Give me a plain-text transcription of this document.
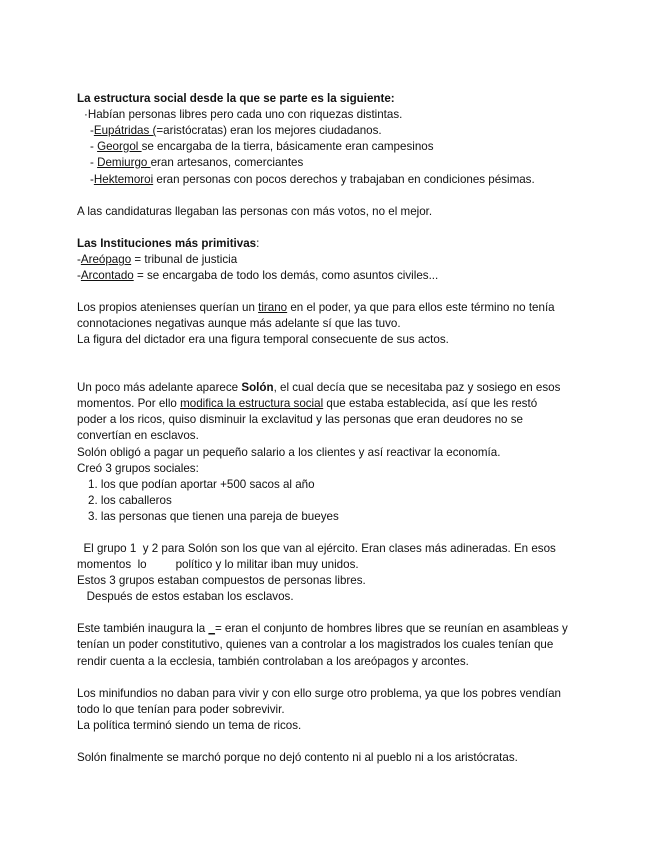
La estructura social desde la que se parte es la siguiente:
·Habían personas libres pero cada uno con riquezas distintas.
-Eupátridas (=aristócratas) eran los mejores ciudadanos.
- Georgol se encargaba de la tierra, básicamente eran campesinos
- Demiurgo eran artesanos, comerciantes
-Hektemoroi eran personas con pocos derechos y trabajaban en condiciones pésimas.
A las candidaturas llegaban las personas con más votos, no el mejor.
Las Instituciones más primitivas:
-Areópago = tribunal de justicia
-Arcontado = se encargaba de todo los demás, como asuntos civiles...
Los propios atenienses querían un tirano en el poder, ya que para ellos este término no tenía
connotaciones negativas aunque más adelante sí que las tuvo.
La figura del dictador era una figura temporal consecuente de sus actos.
Un poco más adelante aparece Solón, el cual decía que se necesitaba paz y sosiego en esos
momentos. Por ello modifica la estructura social que estaba establecida, así que les restó
poder a los ricos, quiso disminuir la exclavitud y las personas que eran deudores no se
convertían en esclavos.
Solón obligó a pagar un pequeño salario a los clientes y así reactivar la economía.
Creó 3 grupos sociales:
1. los que podían aportar +500 sacos al año
2. los caballeros
3. las personas que tienen una pareja de bueyes
El grupo 1  y 2 para Solón son los que van al ejército. Eran clases más adineradas. En esos
momentos  lo         político y lo militar iban muy unidos.
Estos 3 grupos estaban compuestos de personas libres.
Después de estos estaban los esclavos.
Este también inaugura la _= eran el conjunto de hombres libres que se reunían en asambleas y
tenían un poder constitutivo, quienes van a controlar a los magistrados los cuales tenían que
rendir cuenta a la ecclesia, también controlaban a los areópagos y arcontes.
Los minifundios no daban para vivir y con ello surge otro problema, ya que los pobres vendían
todo lo que tenían para poder sobrevivir.
La política terminó siendo un tema de ricos.
Solón finalmente se marchó porque no dejó contento ni al pueblo ni a los aristócratas.
